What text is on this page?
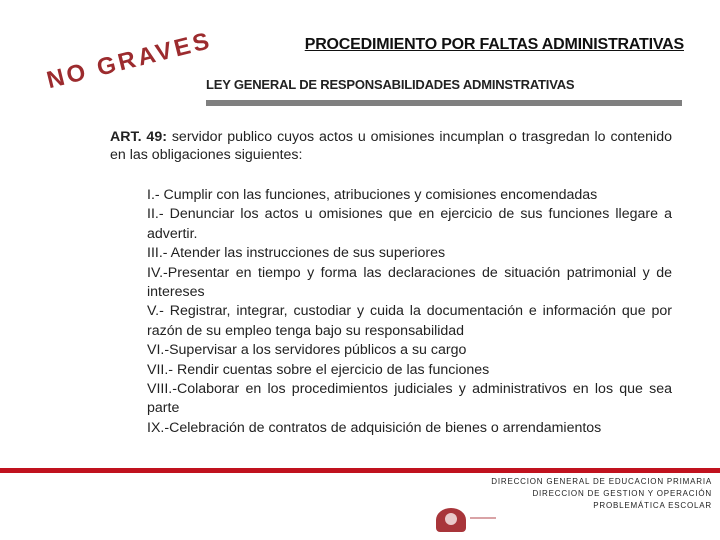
PROCEDIMIENTO POR FALTAS ADMINISTRATIVAS
LEY GENERAL DE RESPONSABILIDADES ADMINSTRATIVAS
NO GRAVES

ART. 49: servidor publico cuyos actos u omisiones incumplan o trasgredan lo contenido en las obligaciones siguientes:

I.- Cumplir con las funciones, atribuciones y comisiones encomendadas
II.- Denunciar los actos u omisiones que en ejercicio de sus funciones llegare a advertir.
III.- Atender las instrucciones de sus superiores
IV.-Presentar en tiempo y forma las declaraciones de situación patrimonial y de intereses
V.- Registrar, integrar, custodiar y cuida la documentación e información que por razón de su empleo tenga bajo su responsabilidad
VI.-Supervisar a los servidores públicos a su cargo
VII.- Rendir cuentas sobre el ejercicio de las funciones
VIII.-Colaborar en los procedimientos judiciales y administrativos en los que sea parte
IX.-Celebración de contratos de adquisición de bienes o arrendamientos
DIRECCION GENERAL DE EDUCACION PRIMARIA
DIRECCION DE GESTION Y OPERACIÓN
PROBLEMÁTICA ESCOLAR
